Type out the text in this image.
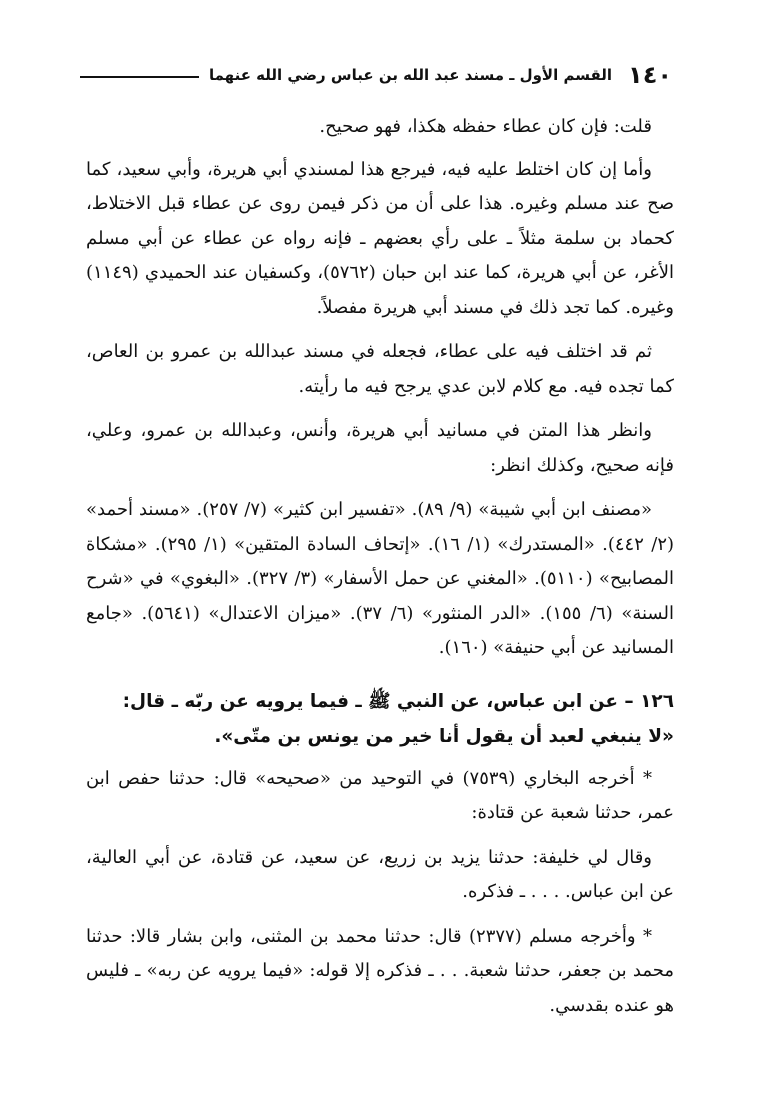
١٤٠
القسم الأول ـ مسند عبد الله بن عباس رضي الله عنهما

قلت: فإن كان عطاء حفظه هكذا، فهو صحيح.

وأما إن كان اختلط عليه فيه، فيرجع هذا لمسندي أبي هريرة، وأبي سعيد، كما صح عند مسلم وغيره. هذا على أن من ذكر فيمن روى عن عطاء قبل الاختلاط، كحماد بن سلمة مثلاً ـ على رأي بعضهم ـ فإنه رواه عن عطاء عن أبي مسلم الأغر، عن أبي هريرة، كما عند ابن حبان (٥٧٦٢)، وكسفيان عند الحميدي (١١٤٩) وغيره. كما تجد ذلك في مسند أبي هريرة مفصلاً.

ثم قد اختلف فيه على عطاء، فجعله في مسند عبدالله بن عمرو بن العاص، كما تجده فيه. مع كلام لابن عدي يرجح فيه ما رأيته.

وانظر هذا المتن في مسانيد أبي هريرة، وأنس، وعبدالله بن عمرو، وعلي، فإنه صحيح، وكذلك انظر:

«مصنف ابن أبي شيبة» (٩/ ٨٩). «تفسير ابن كثير» (٧/ ٢٥٧). «مسند أحمد» (٢/ ٤٤٢). «المستدرك» (١/ ١٦). «إتحاف السادة المتقين» (١/ ٢٩٥). «مشكاة المصابيح» (٥١١٠). «المغني عن حمل الأسفار» (٣/ ٣٢٧). «البغوي» في «شرح السنة» (٦/ ١٥٥). «الدر المنثور» (٦/ ٣٧). «ميزان الاعتدال» (٥٦٤١). «جامع المسانيد عن أبي حنيفة» (١٦٠).

١٢٦ – عن ابن عباس، عن النبي ﷺ ـ فيما يرويه عن ربّه ـ قال:
«لا ينبغي لعبد أن يقول أنا خير من يونس بن متّى».

* أخرجه البخاري (٧٥٣٩) في التوحيد من «صحيحه» قال: حدثنا حفص ابن عمر، حدثنا شعبة عن قتادة:

وقال لي خليفة: حدثنا يزيد بن زريع، عن سعيد، عن قتادة، عن أبي العالية، عن ابن عباس. . . . ـ فذكره.

* وأخرجه مسلم (٢٣٧٧) قال: حدثنا محمد بن المثنى، وابن بشار قالا: حدثنا محمد بن جعفر، حدثنا شعبة. . . ـ فذكره إلا قوله: «فيما يرويه عن ربه» ـ فليس هو عنده بقدسي.
